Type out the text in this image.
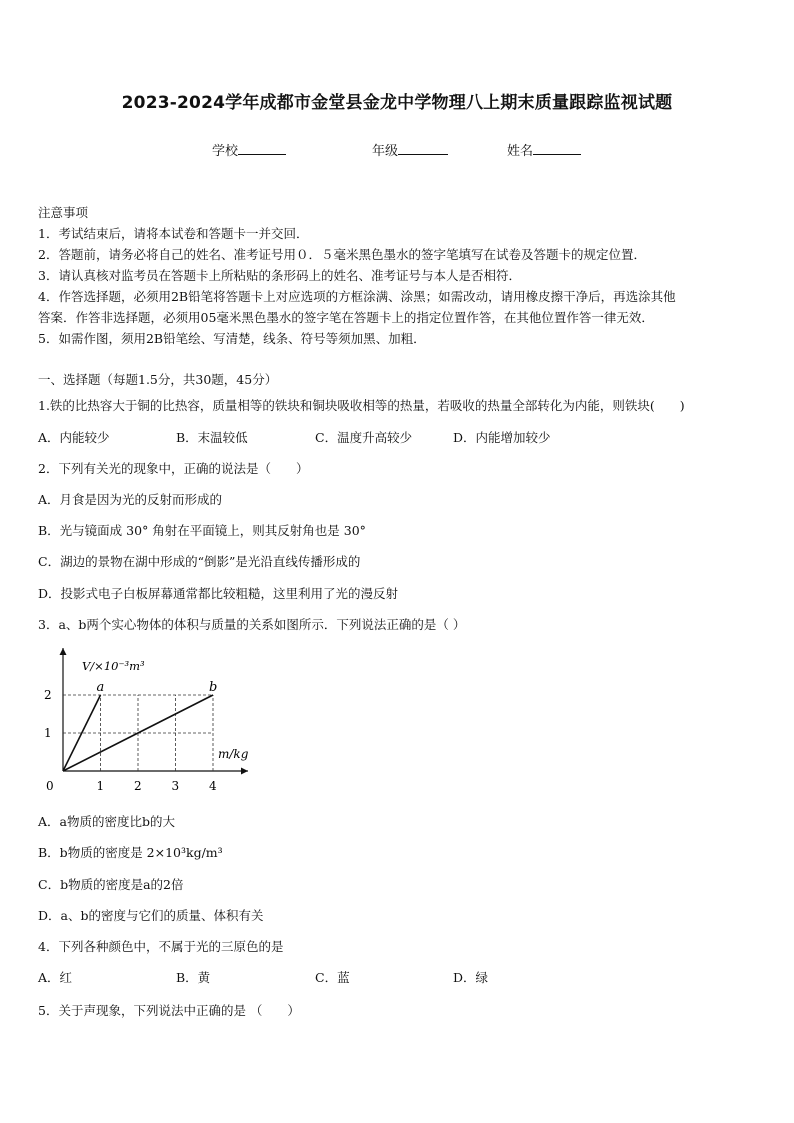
2023-2024学年成都市金堂县金龙中学物理八上期末质量跟踪监视试题
学校	年级	姓名
注意事项
1．考试结束后，请将本试卷和答题卡一并交回．
2．答题前，请务必将自己的姓名、准考证号用０．５毫米黑色墨水的签字笔填写在试卷及答题卡的规定位置．
3．请认真核对监考员在答题卡上所粘贴的条形码上的姓名、准考证号与本人是否相符．
4．作答选择题，必须用2B铅笔将答题卡上对应选项的方框涂满、涂黑；如需改动，请用橡皮擦干净后，再选涂其他
答案．作答非选择题，必须用05毫米黑色墨水的签字笔在答题卡上的指定位置作答，在其他位置作答一律无效．
5．如需作图，须用2B铅笔绘、写清楚，线条、符号等须加黑、加粗．
一、选择题（每题1.5分，共30题，45分）
1.铁的比热容大于铜的比热容，质量相等的铁块和铜块吸收相等的热量，若吸收的热量全部转化为内能，则铁块(　　)
A．内能较少	B．末温较低	C．温度升高较少	D．内能增加较少
2．下列有关光的现象中，正确的说法是（　　）
A．月食是因为光的反射而形成的
B．光与镜面成 30° 角射在平面镜上，则其反射角也是 30°
C．湖边的景物在湖中形成的“倒影”是光沿直线传播形成的
D．投影式电子白板屏幕通常都比较粗糙，这里利用了光的漫反射
3．a、b两个实心物体的体积与质量的关系如图所示．下列说法正确的是（ ）
a	b
1 2 3 4
1
2
0
V/×10⁻³m³
m/kg
A．a物质的密度比b的大
B．b物质的密度是 2×10³kg/m³
C．b物质的密度是a的2倍
D．a、b的密度与它们的质量、体积有关
4．下列各种颜色中，不属于光的三原色的是
A．红	B．黄	C．蓝	D．绿
5．关于声现象，下列说法中正确的是 （　　）
